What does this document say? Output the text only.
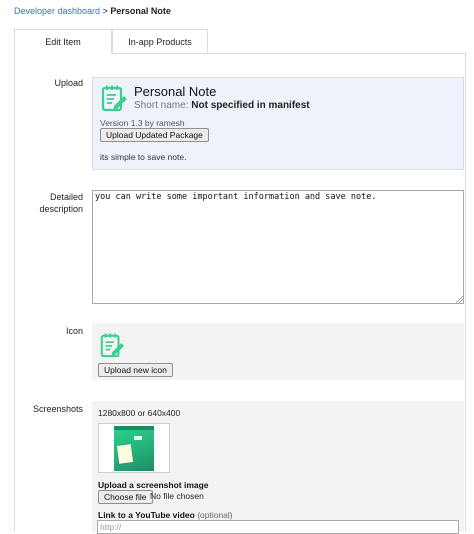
Developer dashboard > Personal Note
Edit Item	In-app Products
Upload
Personal Note
Short name: Not specified in manifest
Version 1.3 by ramesh
Upload Updated Package
its simple to save note.
Detailed
description
you can write some important information and save note.
Icon
Upload new icon
Screenshots 1280x800 or 640x400
Upload a screenshot image
Choose file No file chosen
Link to a YouTube video (optional)
http://
